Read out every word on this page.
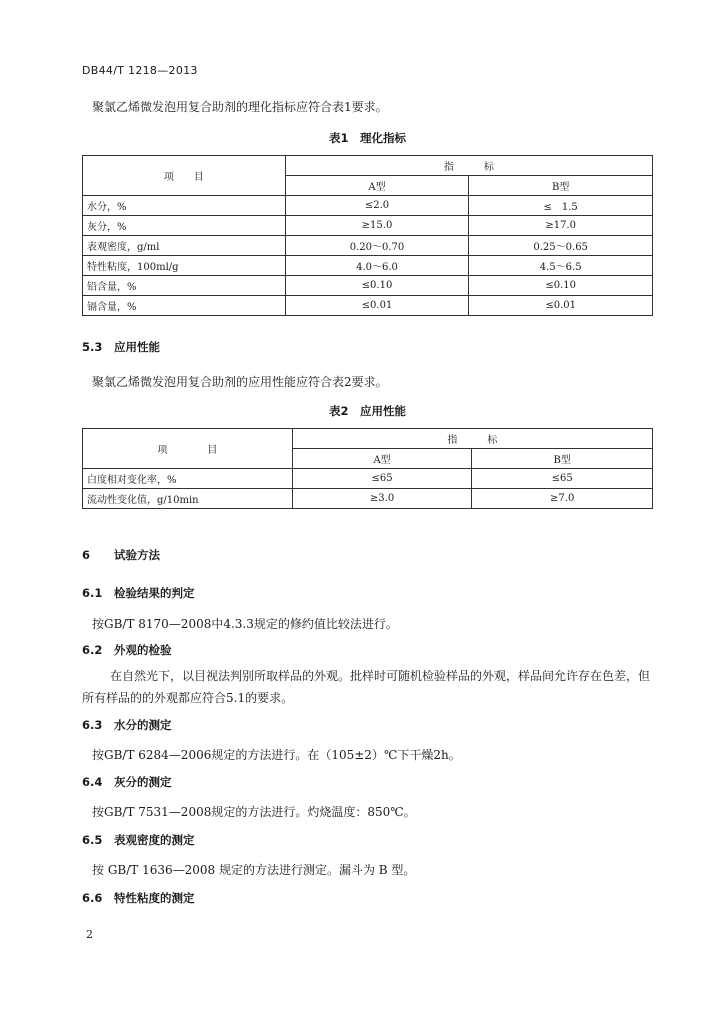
DB44/T 1218—2013
聚氯乙烯微发泡用复合助剂的理化指标应符合表1要求。
表1　理化指标
项　　目	指　　　标	
	A型	B型
水分，%	≤2.0	≤　1.5
灰分，%	≥15.0	≥17.0
表观密度，g/ml	0.20～0.70	0.25～0.65
特性粘度，100ml/g	4.0～6.0	4.5～6.5
铅含量，%	≤0.10	≤0.10
镉含量，%	≤0.01	≤0.01
5.3 应用性能
聚氯乙烯微发泡用复合助剂的应用性能应符合表2要求。
表2　应用性能
项　　　　目	指　　　标	
	A型	B型
白度相对变化率，%	≤65	≤65
流动性变化值，g/10min	≥3.0	≥7.0
6 试验方法
6.1 检验结果的判定
按GB/T 8170—2008中4.3.3规定的修约值比较法进行。
6.2 外观的检验
在自然光下，以目视法判别所取样品的外观。批样时可随机检验样品的外观，样品间允许存在色差，但所有样品的的外观都应符合5.1的要求。
6.3 水分的测定
按GB/T 6284—2006规定的方法进行。在（105±2）℃下干燥2h。
6.4 灰分的测定
按GB/T 7531—2008规定的方法进行。灼烧温度：850℃。
6.5 表观密度的测定
按 GB/T 1636—2008 规定的方法进行测定。漏斗为 B 型。
6.6 特性粘度的测定
2
